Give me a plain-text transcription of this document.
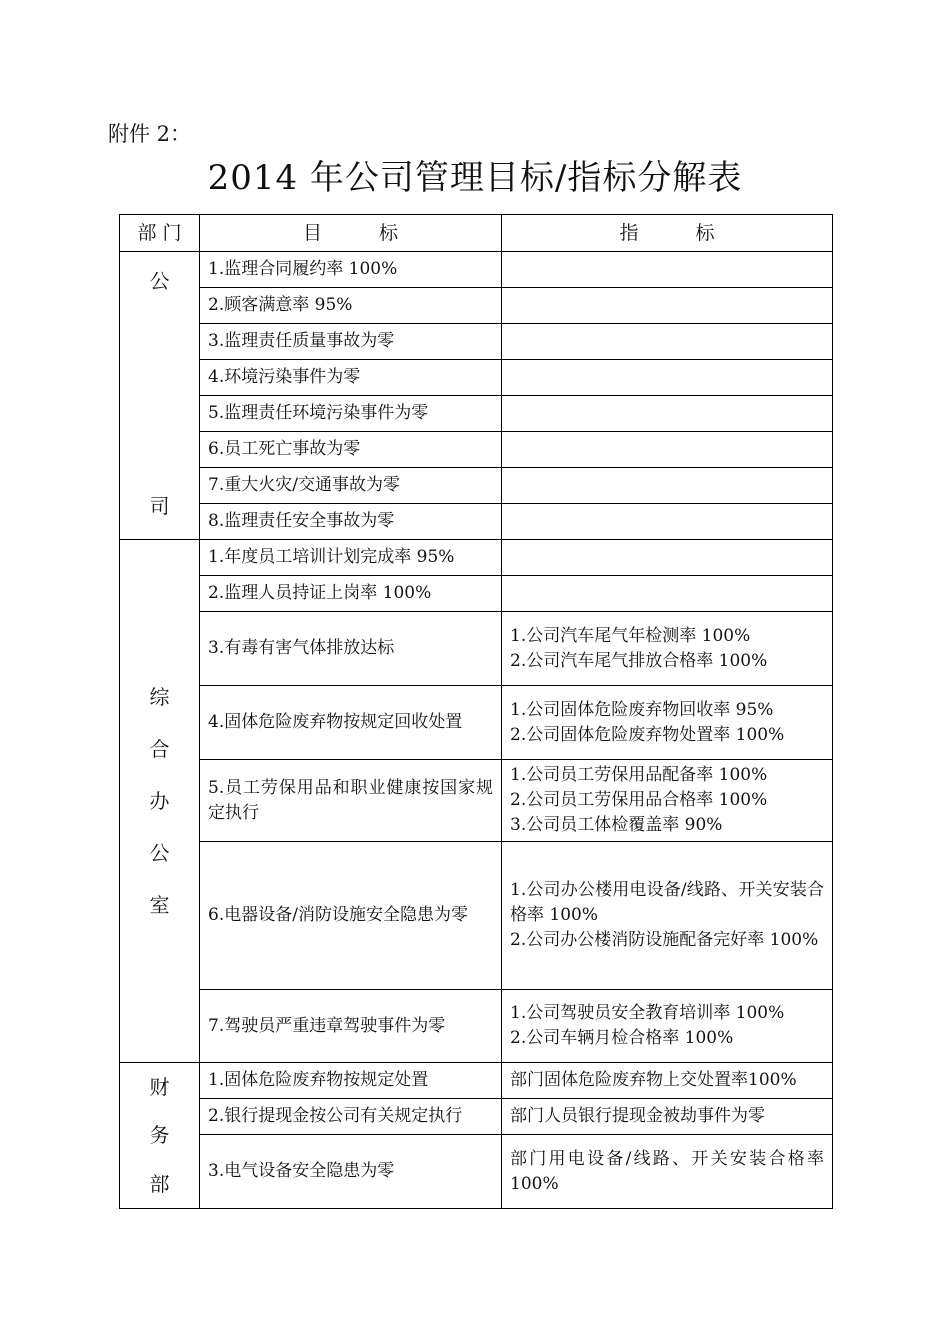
附件 2：
2014 年公司管理目标/指标分解表
部 门	目　　　标	指　　　标

公
司	1.监理合同履约率 100%	
	2.顾客满意率 95%	
	3.监理责任质量事故为零	
	4.环境污染事件为零	
	5.监理责任环境污染事件为零	
	6.员工死亡事故为零	
	7.重大火灾/交通事故为零	
	8.监理责任安全事故为零	

综
合
办
公
室	1.年度员工培训计划完成率 95%	
	2.监理人员持证上岗率 100%	
	3.有毒有害气体排放达标	1.公司汽车尾气年检测率 100%
2.公司汽车尾气排放合格率 100%

	4.固体危险废弃物按规定回收处置	1.公司固体危险废弃物回收率 95%
2.公司固体危险废弃物处置率 100%

	5.员工劳保用品和职业健康按国家规定执行	1.公司员工劳保用品配备率 100%
2.公司员工劳保用品合格率 100%
3.公司员工体检覆盖率 90%

	6.电器设备/消防设施安全隐患为零	1.公司办公楼用电设备/线路、开关安装合格率 100%
2.公司办公楼消防设施配备完好率 100%

	7.驾驶员严重违章驾驶事件为零	1.公司驾驶员安全教育培训率 100%
2.公司车辆月检合格率 100%

财
务
部	1.固体危险废弃物按规定处置	部门固体危险废弃物上交处置率100%

	2.银行提现金按公司有关规定执行	部门人员银行提现金被劫事件为零

	3.电气设备安全隐患为零	部门用电设备/线路、开关安装合格率 100%
